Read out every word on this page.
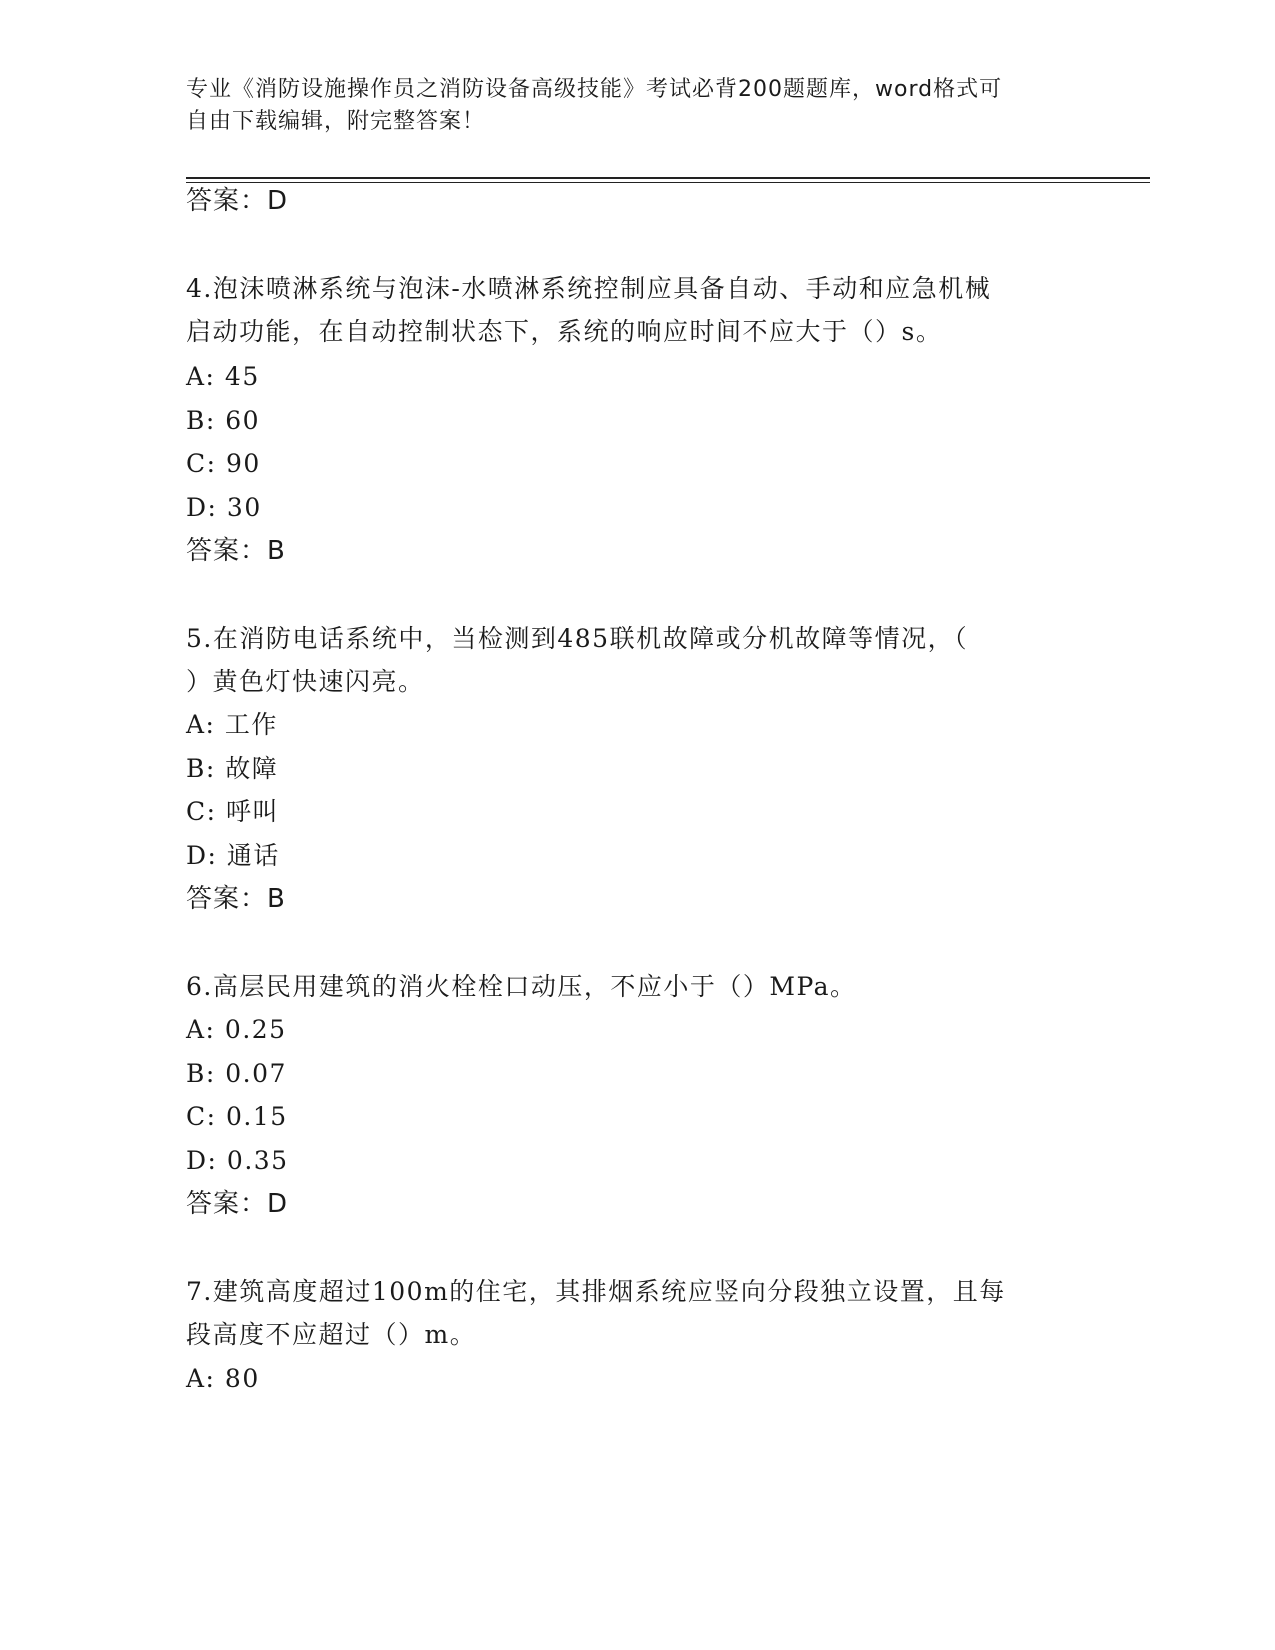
专业《消防设施操作员之消防设备高级技能》考试必背200题题库，word格式可
自由下载编辑，附完整答案！
答案：D
4.泡沫喷淋系统与泡沫-水喷淋系统控制应具备自动、手动和应急机械
启动功能，在自动控制状态下，系统的响应时间不应大于（）s。
A: 45
B: 60
C: 90
D: 30
答案：B
5.在消防电话系统中，当检测到485联机故障或分机故障等情况，（
）黄色灯快速闪亮。
A: 工作
B: 故障
C: 呼叫
D: 通话
答案：B
6.高层民用建筑的消火栓栓口动压，不应小于（）MPa。
A: 0.25
B: 0.07
C: 0.15
D: 0.35
答案：D
7.建筑高度超过100m的住宅，其排烟系统应竖向分段独立设置，且每
段高度不应超过（）m。
A: 80
